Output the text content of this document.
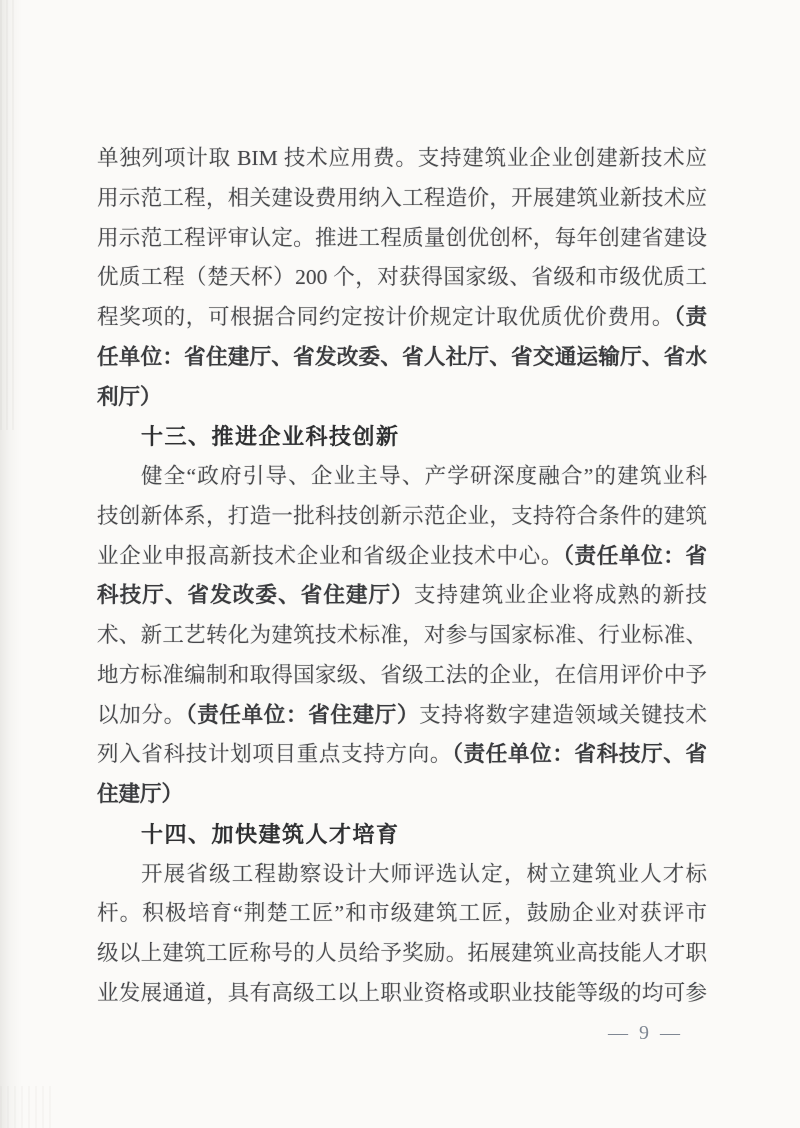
单独列项计取 BIM 技术应用费。支持建筑业企业创建新技术应
用示范工程，相关建设费用纳入工程造价，开展建筑业新技术应
用示范工程评审认定。推进工程质量创优创杯，每年创建省建设
优质工程（楚天杯）200 个，对获得国家级、省级和市级优质工
程奖项的，可根据合同约定按计价规定计取优质优价费用。（责
任单位：省住建厅、省发改委、省人社厅、省交通运输厅、省水
利厅）
十三、推进企业科技创新
健全“政府引导、企业主导、产学研深度融合”的建筑业科
技创新体系，打造一批科技创新示范企业，支持符合条件的建筑
业企业申报高新技术企业和省级企业技术中心。（责任单位：省
科技厅、省发改委、省住建厅）支持建筑业企业将成熟的新技
术、新工艺转化为建筑技术标准，对参与国家标准、行业标准、
地方标准编制和取得国家级、省级工法的企业，在信用评价中予
以加分。（责任单位：省住建厅）支持将数字建造领域关键技术
列入省科技计划项目重点支持方向。（责任单位：省科技厅、省
住建厅）
十四、加快建筑人才培育
开展省级工程勘察设计大师评选认定，树立建筑业人才标
杆。积极培育“荆楚工匠”和市级建筑工匠，鼓励企业对获评市
级以上建筑工匠称号的人员给予奖励。拓展建筑业高技能人才职
业发展通道，具有高级工以上职业资格或职业技能等级的均可参
— 9 —
